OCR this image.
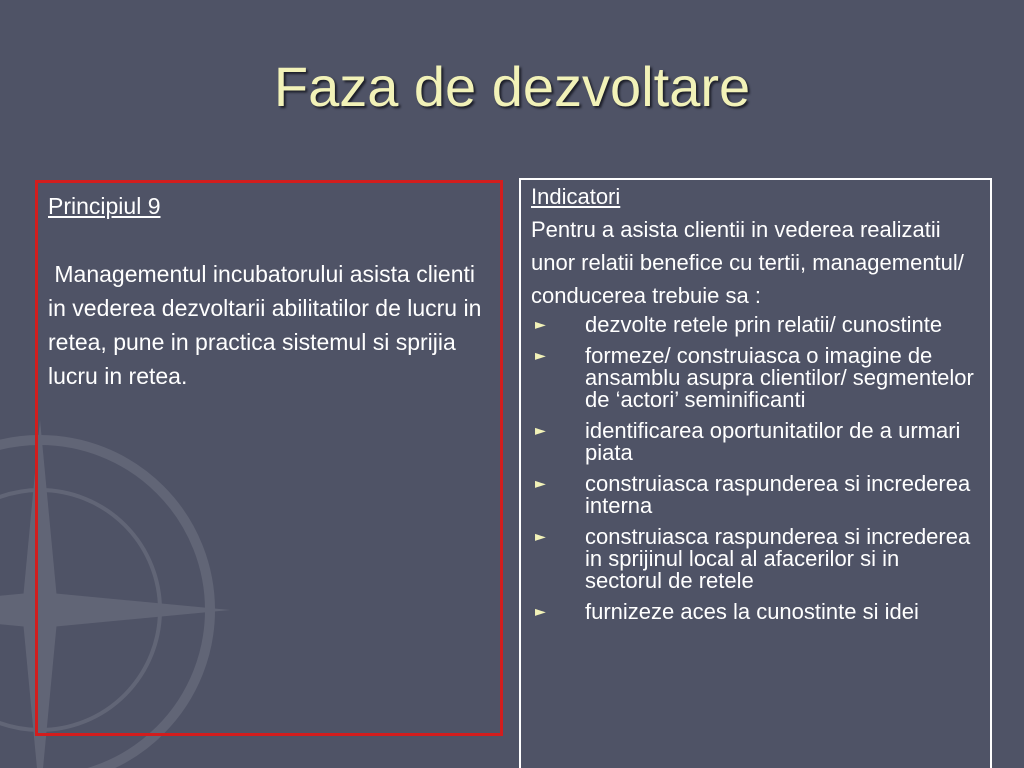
Faza de dezvoltare
Principiul 9
Managementul incubatorului asista clienti in vederea dezvoltarii abilitatilor de lucru in retea, pune in practica sistemul si sprijia lucru in retea.
Indicatori
Pentru a asista clientii in vederea realizatii unor relatii benefice cu tertii, managementul/ conducerea trebuie sa :
► dezvolte retele prin relatii/ cunostinte
► formeze/ construiasca o imagine de ansamblu asupra clientilor/ segmentelor de ‘actori’ seminificanti
► identificarea oportunitatilor de a urmari piata
► construiasca raspunderea si increderea interna
► construiasca raspunderea si increderea in sprijinul local al afacerilor si in sectorul de retele
► furnizeze aces la cunostinte si idei
